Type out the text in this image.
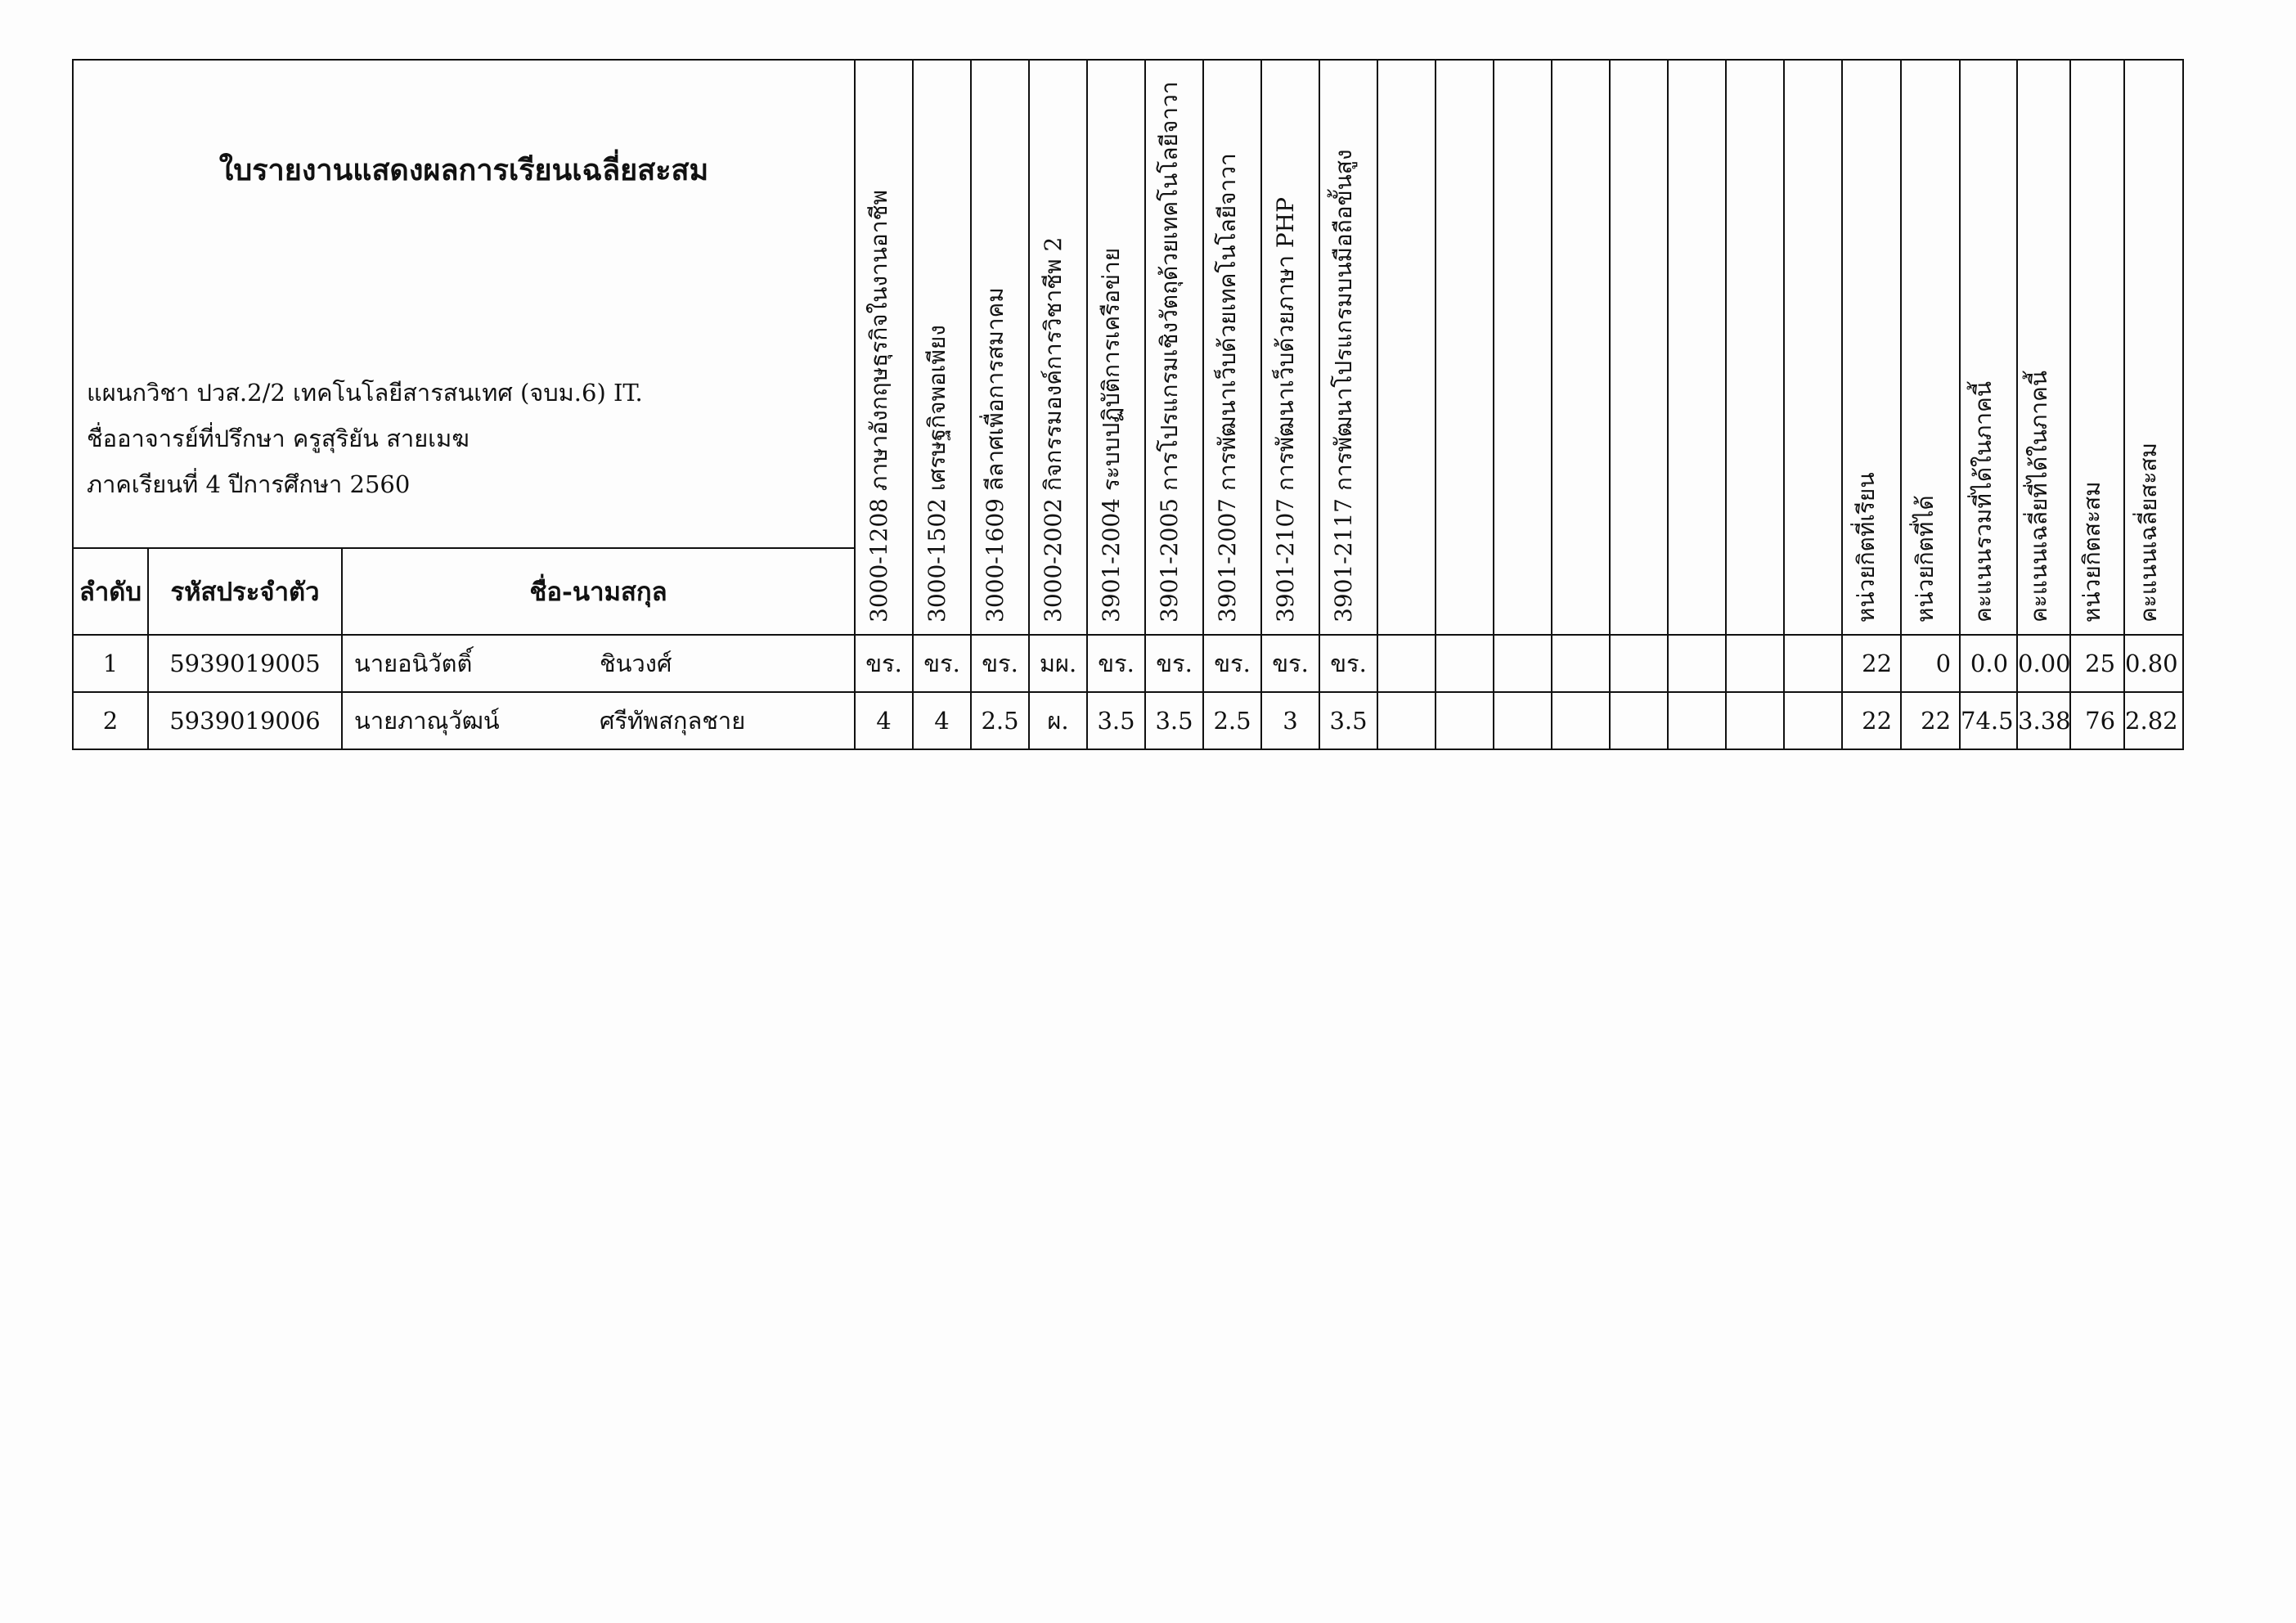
ใบรายงานแสดงผลการเรียนเฉลี่ยสะสม
แผนกวิชา ปวส.2/2 เทคโนโลยีสารสนเทศ (จบม.6) IT.
ชื่ออาจารย์ที่ปรึกษา ครูสุริยัน สายเมฆ
ภาคเรียนที่ 4 ปีการศึกษา 2560			3000-1208 ภาษาอังกฤษธุรกิจในงานอาชีพ	3000-1502 เศรษฐกิจพอเพียง	3000-1609 ลีลาศเพื่อการสมาคม	3000-2002 กิจกรรมองค์การวิชาชีพ 2	3901-2004 ระบบปฏิบัติการเครือข่าย	3901-2005 การโปรแกรมเชิงวัตถุด้วยเทคโนโลยีจาวา	3901-2007 การพัฒนาเว็บด้วยเทคโนโลยีจาวา	3901-2107 การพัฒนาเว็บด้วยภาษา PHP	3901-2117 การพัฒนาโปรแกรมบนมือถือขั้นสูง									หน่วยกิตที่เรียน	หน่วยกิตที่ได้	คะแนนรวมที่ได้ในภาคนี้	คะแนนเฉลี่ยที่ได้ในภาคนี้	หน่วยกิตสะสม	คะแนนเฉลี่ยสะสม

ลำดับ	รหัสประจำตัว	ชื่อ-นามสกุล																							
1	5939019005	นายอนิวัตติ์ ชินวงศ์	ขร.	ขร.	ขร.	มผ.	ขร.	ขร.	ขร.	ขร.	ขร.									22	0	0.0	0.00	25	0.80
2	5939019006	นายภาณุวัฒน์ ศรีทัพสกุลชาย	4	4	2.5	ผ.	3.5	3.5	2.5	3	3.5									22	22	74.5	3.38	76	2.82
